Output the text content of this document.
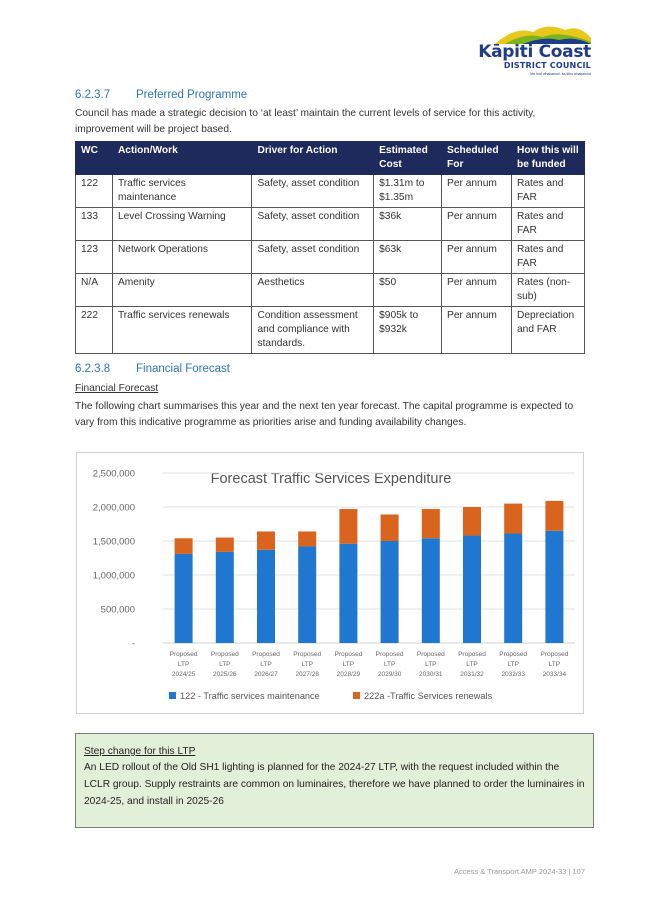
Kāpiti Coast
DISTRICT COUNCIL
Me huri whakamuri, ka titiro whakamua
6.2.3.7 Preferred Programme
Council has made a strategic decision to ‘at least’ maintain the current levels of service for this activity, improvement will be project based.
WC	Action/Work	Driver for Action	Estimated Cost	Scheduled For	How this will be funded
122	Traffic services maintenance	Safety, asset condition	$1.31m to $1.35m	Per annum	Rates and FAR
133	Level Crossing Warning	Safety, asset condition	$36k	Per annum	Rates and FAR
123	Network Operations	Safety, asset condition	$63k	Per annum	Rates and FAR
N/A	Amenity	Aesthetics	$50	Per annum	Rates (non-sub)
222	Traffic services renewals	Condition assessment and compliance with standards.	$905k to $932k	Per annum	Depreciation and FAR
6.2.3.8 Financial Forecast
Financial Forecast
The following chart summarises this year and the next ten year forecast. The capital programme is expected to vary from this indicative programme as priorities arise and funding availability changes.
Forecast Traffic Services Expenditure
500,000
1,000,000
1,500,000
2,000,000
2,500,000
-
Proposed
LTP
2024/25
Proposed
LTP
2025/26
Proposed
LTP
2026/27
Proposed
LTP
2027/28
Proposed
LTP
2028/29
Proposed
LTP
2029/30
Proposed
LTP
2030/31
Proposed
LTP
2031/32
Proposed
LTP
2032/33
Proposed
LTP
2033/34
122 - Traffic services maintenance	222a -Traffic Services renewals
Step change for this LTP
An LED rollout of the Old SH1 lighting is planned for the 2024-27 LTP, with the request included within the LCLR group. Supply restraints are common on luminaires, therefore we have planned to order the luminaires in 2024-25, and install in 2025-26
Access & Transport AMP 2024-33 | 107
